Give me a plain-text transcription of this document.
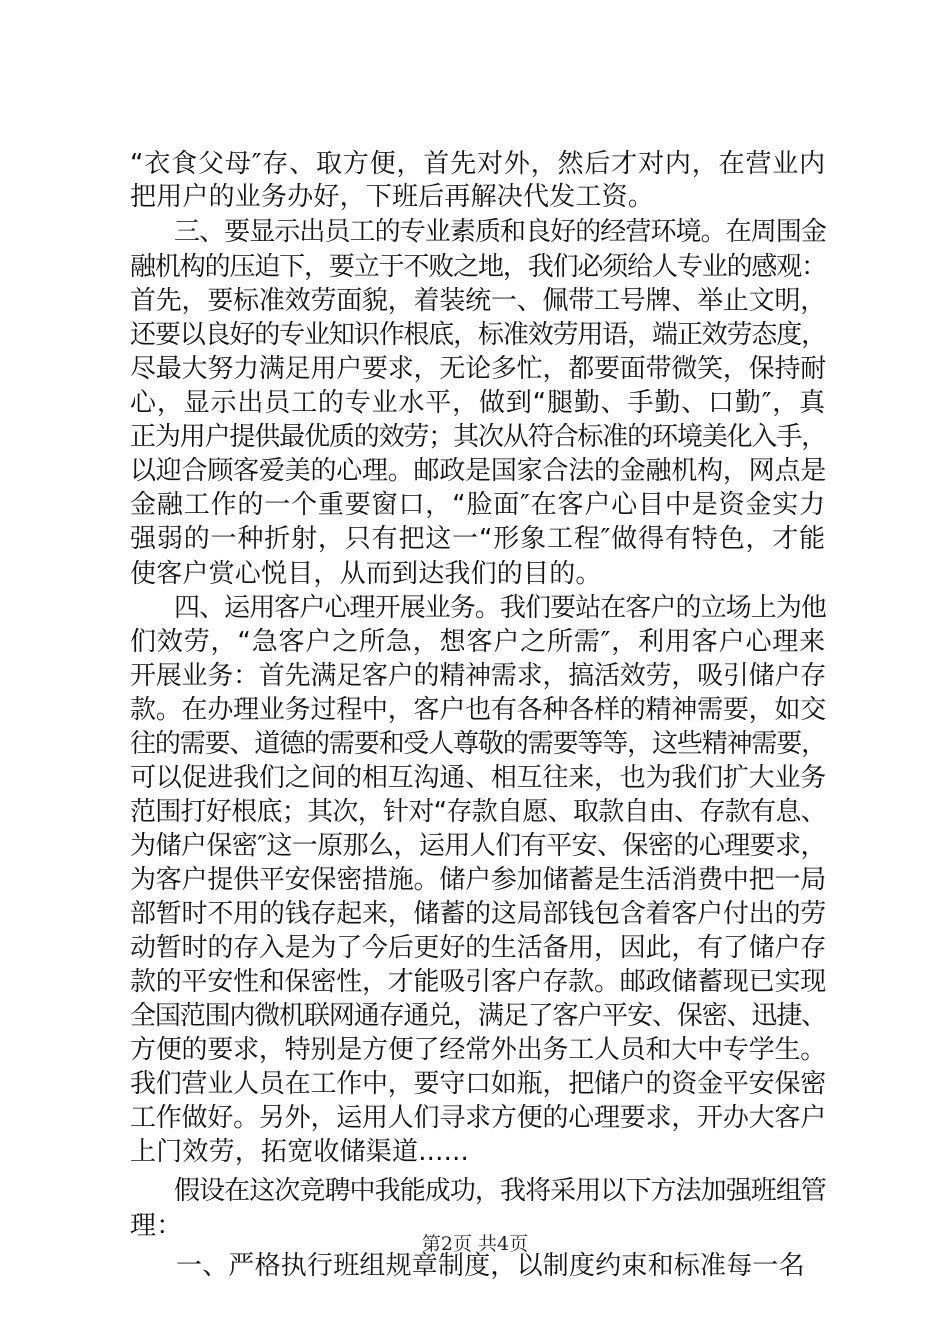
“衣食父母″存、取方便，首先对外，然后才对内，在营业内
把用户的业务办好，下班后再解决代发工资。
三、要显示出员工的专业素质和良好的经营环境。在周围金
融机构的压迫下，要立于不败之地，我们必须给人专业的感观：
首先，要标准效劳面貌，着装统一、佩带工号牌、举止文明，
还要以良好的专业知识作根底，标准效劳用语，端正效劳态度，
尽最大努力满足用户要求，无论多忙，都要面带微笑，保持耐
心，显示出员工的专业水平，做到“腿勤、手勤、口勤″，真
正为用户提供最优质的效劳；其次从符合标准的环境美化入手，
以迎合顾客爱美的心理。邮政是国家合法的金融机构，网点是
金融工作的一个重要窗口，“脸面″在客户心目中是资金实力
强弱的一种折射，只有把这一“形象工程″做得有特色，才能
使客户赏心悦目，从而到达我们的目的。
四、运用客户心理开展业务。我们要站在客户的立场上为他
们效劳，“急客户之所急，想客户之所需″，利用客户心理来
开展业务：首先满足客户的精神需求，搞活效劳，吸引储户存
款。在办理业务过程中，客户也有各种各样的精神需要，如交
往的需要、道德的需要和受人尊敬的需要等等，这些精神需要，
可以促进我们之间的相互沟通、相互往来，也为我们扩大业务
范围打好根底；其次，针对“存款自愿、取款自由、存款有息、
为储户保密″这一原那么，运用人们有平安、保密的心理要求，
为客户提供平安保密措施。储户参加储蓄是生活消费中把一局
部暂时不用的钱存起来，储蓄的这局部钱包含着客户付出的劳
动暂时的存入是为了今后更好的生活备用，因此，有了储户存
款的平安性和保密性，才能吸引客户存款。邮政储蓄现已实现
全国范围内微机联网通存通兑，满足了客户平安、保密、迅捷、
方便的要求，特别是方便了经常外出务工人员和大中专学生。
我们营业人员在工作中，要守口如瓶，把储户的资金平安保密
工作做好。另外，运用人们寻求方便的心理要求，开办大客户
上门效劳，拓宽收储渠道......
假设在这次竞聘中我能成功，我将采用以下方法加强班组管
理：
一、严格执行班组规章制度，以制度约束和标准每一名
第2页 共4页
